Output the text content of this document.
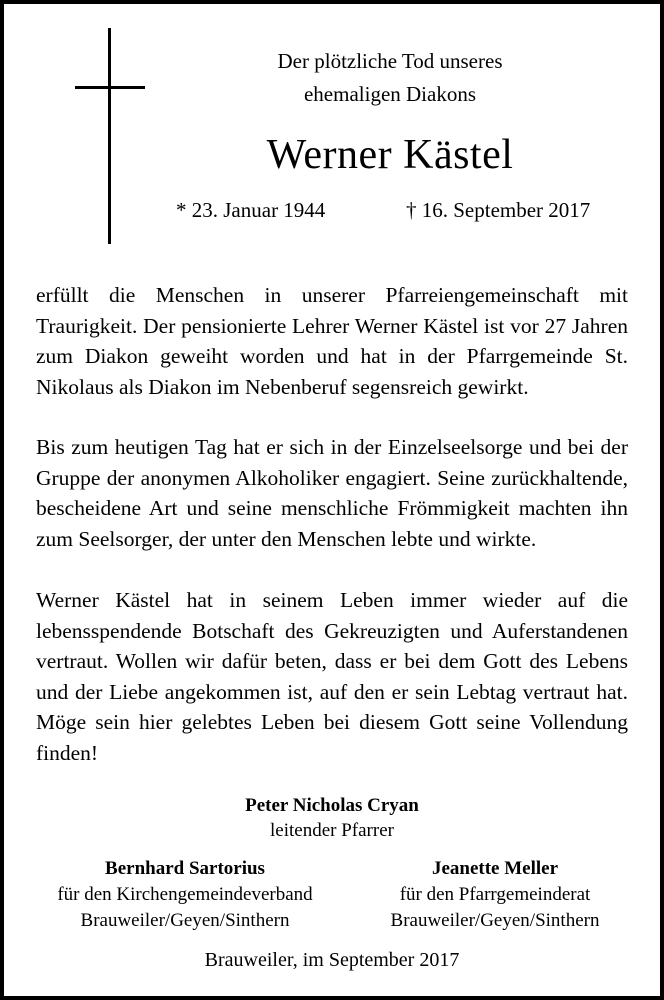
Der plötzliche Tod unseres
ehemaligen Diakons
Werner Kästel
* 23. Januar 1944	† 16. September 2017

erfüllt die Menschen in unserer Pfarreiengemeinschaft mit Traurigkeit. Der pensionierte Lehrer Werner Kästel ist vor 27 Jahren zum Diakon geweiht worden und hat in der Pfarrgemeinde St. Nikolaus als Diakon im Nebenberuf segensreich gewirkt.

Bis zum heutigen Tag hat er sich in der Einzelseelsorge und bei der Gruppe der anonymen Alkoholiker engagiert. Seine zurückhaltende, bescheidene Art und seine menschliche Frömmigkeit machten ihn zum Seelsorger, der unter den Menschen lebte und wirkte.

Werner Kästel hat in seinem Leben immer wieder auf die lebensspendende Botschaft des Gekreuzigten und Auferstandenen vertraut. Wollen wir dafür beten, dass er bei dem Gott des Lebens und der Liebe angekommen ist, auf den er sein Lebtag vertraut hat. Möge sein hier gelebtes Leben bei diesem Gott seine Vollendung finden!

Peter Nicholas Cryan
leitender Pfarrer
Bernhard Sartorius
für den Kirchengemeindeverband
Brauweiler/Geyen/Sinthern
Jeanette Meller
für den Pfarrgemeinderat
Brauweiler/Geyen/Sinthern
Brauweiler, im September 2017
